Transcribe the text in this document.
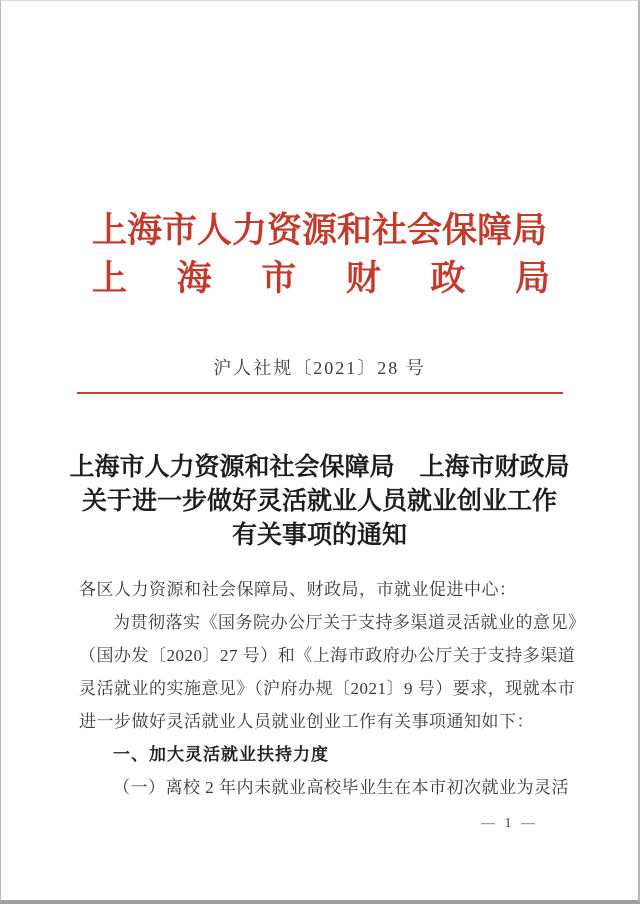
上海市人力资源和社会保障局
上 海 市 财 政 局
沪人社规〔2021〕28 号
上海市人力资源和社会保障局　上海市财政局
关于进一步做好灵活就业人员就业创业工作
有关事项的通知
各区人力资源和社会保障局、财政局，市就业促进中心：
为贯彻落实《国务院办公厅关于支持多渠道灵活就业的意见》
（国办发〔2020〕27 号）和《上海市政府办公厅关于支持多渠道
灵活就业的实施意见》（沪府办规〔2021〕9 号）要求，现就本市
进一步做好灵活就业人员就业创业工作有关事项通知如下：
一、加大灵活就业扶持力度
（一）离校 2 年内未就业高校毕业生在本市初次就业为灵活
— 1 —
